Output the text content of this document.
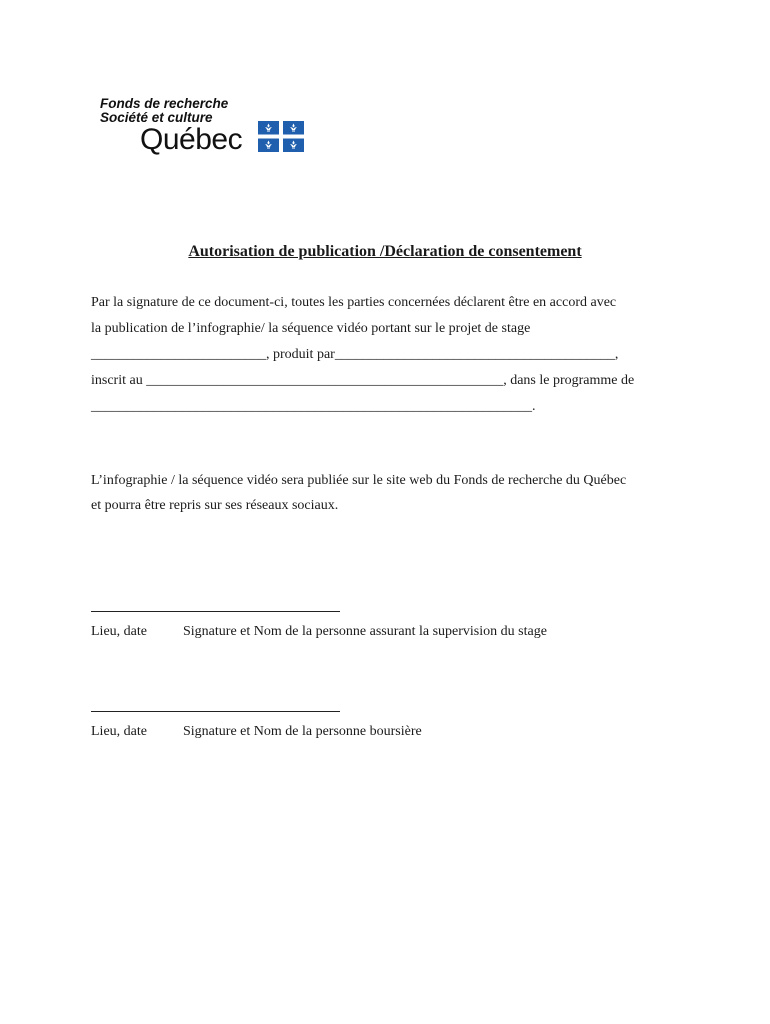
Fonds de recherche
Société et culture
Québec
Autorisation de publication /Déclaration de consentement
Par la signature de ce document-ci, toutes les parties concernées déclarent être en accord avec
la publication de l’infographie/ la séquence vidéo portant sur le projet de stage
_________________________, produit par________________________________________,
inscrit au ___________________________________________________, dans le programme de
_______________________________________________________________.
L’infographie / la séquence vidéo sera publiée sur le site web du Fonds de recherche du Québec
et pourra être repris sur ses réseaux sociaux.
Lieu, date	Signature et Nom de la personne assurant la supervision du stage
Lieu, date	Signature et Nom de la personne boursière
